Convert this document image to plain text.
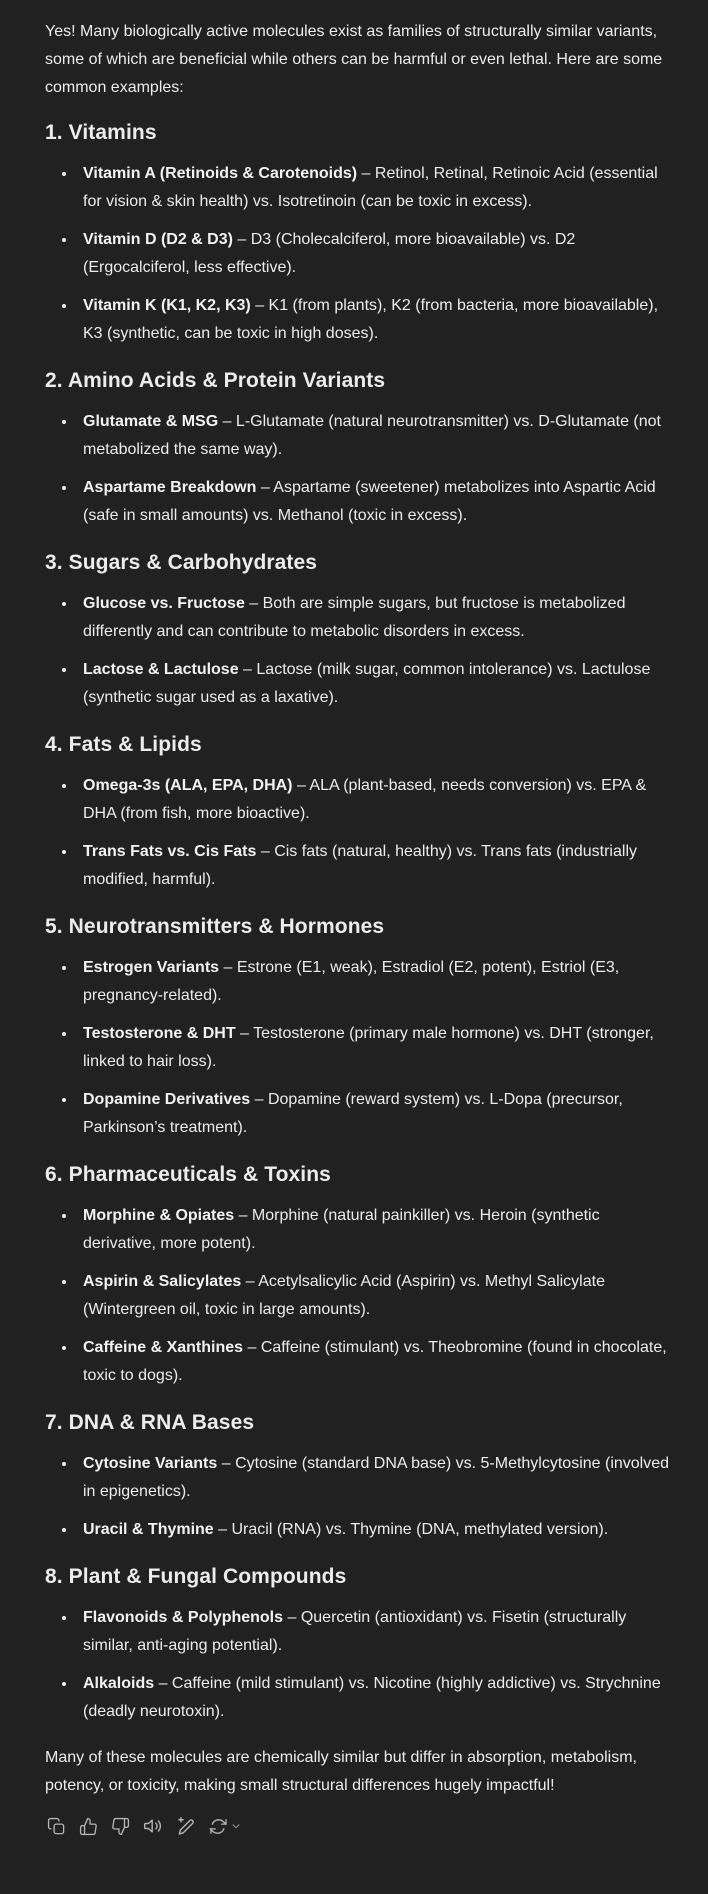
Yes! Many biologically active molecules exist as families of structurally similar variants, some of which are beneficial while others can be harmful or even lethal. Here are some common examples:

1. Vitamins
• Vitamin A (Retinoids & Carotenoids) – Retinol, Retinal, Retinoic Acid (essential for vision & skin health) vs. Isotretinoin (can be toxic in excess).
• Vitamin D (D2 & D3) – D3 (Cholecalciferol, more bioavailable) vs. D2 (Ergocalciferol, less effective).
• Vitamin K (K1, K2, K3) – K1 (from plants), K2 (from bacteria, more bioavailable), K3 (synthetic, can be toxic in high doses).
2. Amino Acids & Protein Variants
• Glutamate & MSG – L-Glutamate (natural neurotransmitter) vs. D-Glutamate (not metabolized the same way).
• Aspartame Breakdown – Aspartame (sweetener) metabolizes into Aspartic Acid (safe in small amounts) vs. Methanol (toxic in excess).
3. Sugars & Carbohydrates
• Glucose vs. Fructose – Both are simple sugars, but fructose is metabolized differently and can contribute to metabolic disorders in excess.
• Lactose & Lactulose – Lactose (milk sugar, common intolerance) vs. Lactulose (synthetic sugar used as a laxative).
4. Fats & Lipids
• Omega-3s (ALA, EPA, DHA) – ALA (plant-based, needs conversion) vs. EPA & DHA (from fish, more bioactive).
• Trans Fats vs. Cis Fats – Cis fats (natural, healthy) vs. Trans fats (industrially modified, harmful).
5. Neurotransmitters & Hormones
• Estrogen Variants – Estrone (E1, weak), Estradiol (E2, potent), Estriol (E3, pregnancy-related).
• Testosterone & DHT – Testosterone (primary male hormone) vs. DHT (stronger, linked to hair loss).
• Dopamine Derivatives – Dopamine (reward system) vs. L-Dopa (precursor, Parkinson’s treatment).
6. Pharmaceuticals & Toxins
• Morphine & Opiates – Morphine (natural painkiller) vs. Heroin (synthetic derivative, more potent).
• Aspirin & Salicylates – Acetylsalicylic Acid (Aspirin) vs. Methyl Salicylate (Wintergreen oil, toxic in large amounts).
• Caffeine & Xanthines – Caffeine (stimulant) vs. Theobromine (found in chocolate, toxic to dogs).
7. DNA & RNA Bases
• Cytosine Variants – Cytosine (standard DNA base) vs. 5-Methylcytosine (involved in epigenetics).
• Uracil & Thymine – Uracil (RNA) vs. Thymine (DNA, methylated version).
8. Plant & Fungal Compounds
• Flavonoids & Polyphenols – Quercetin (antioxidant) vs. Fisetin (structurally similar, anti-aging potential).
• Alkaloids – Caffeine (mild stimulant) vs. Nicotine (highly addictive) vs. Strychnine (deadly neurotoxin).

Many of these molecules are chemically similar but differ in absorption, metabolism, potency, or toxicity, making small structural differences hugely impactful!
